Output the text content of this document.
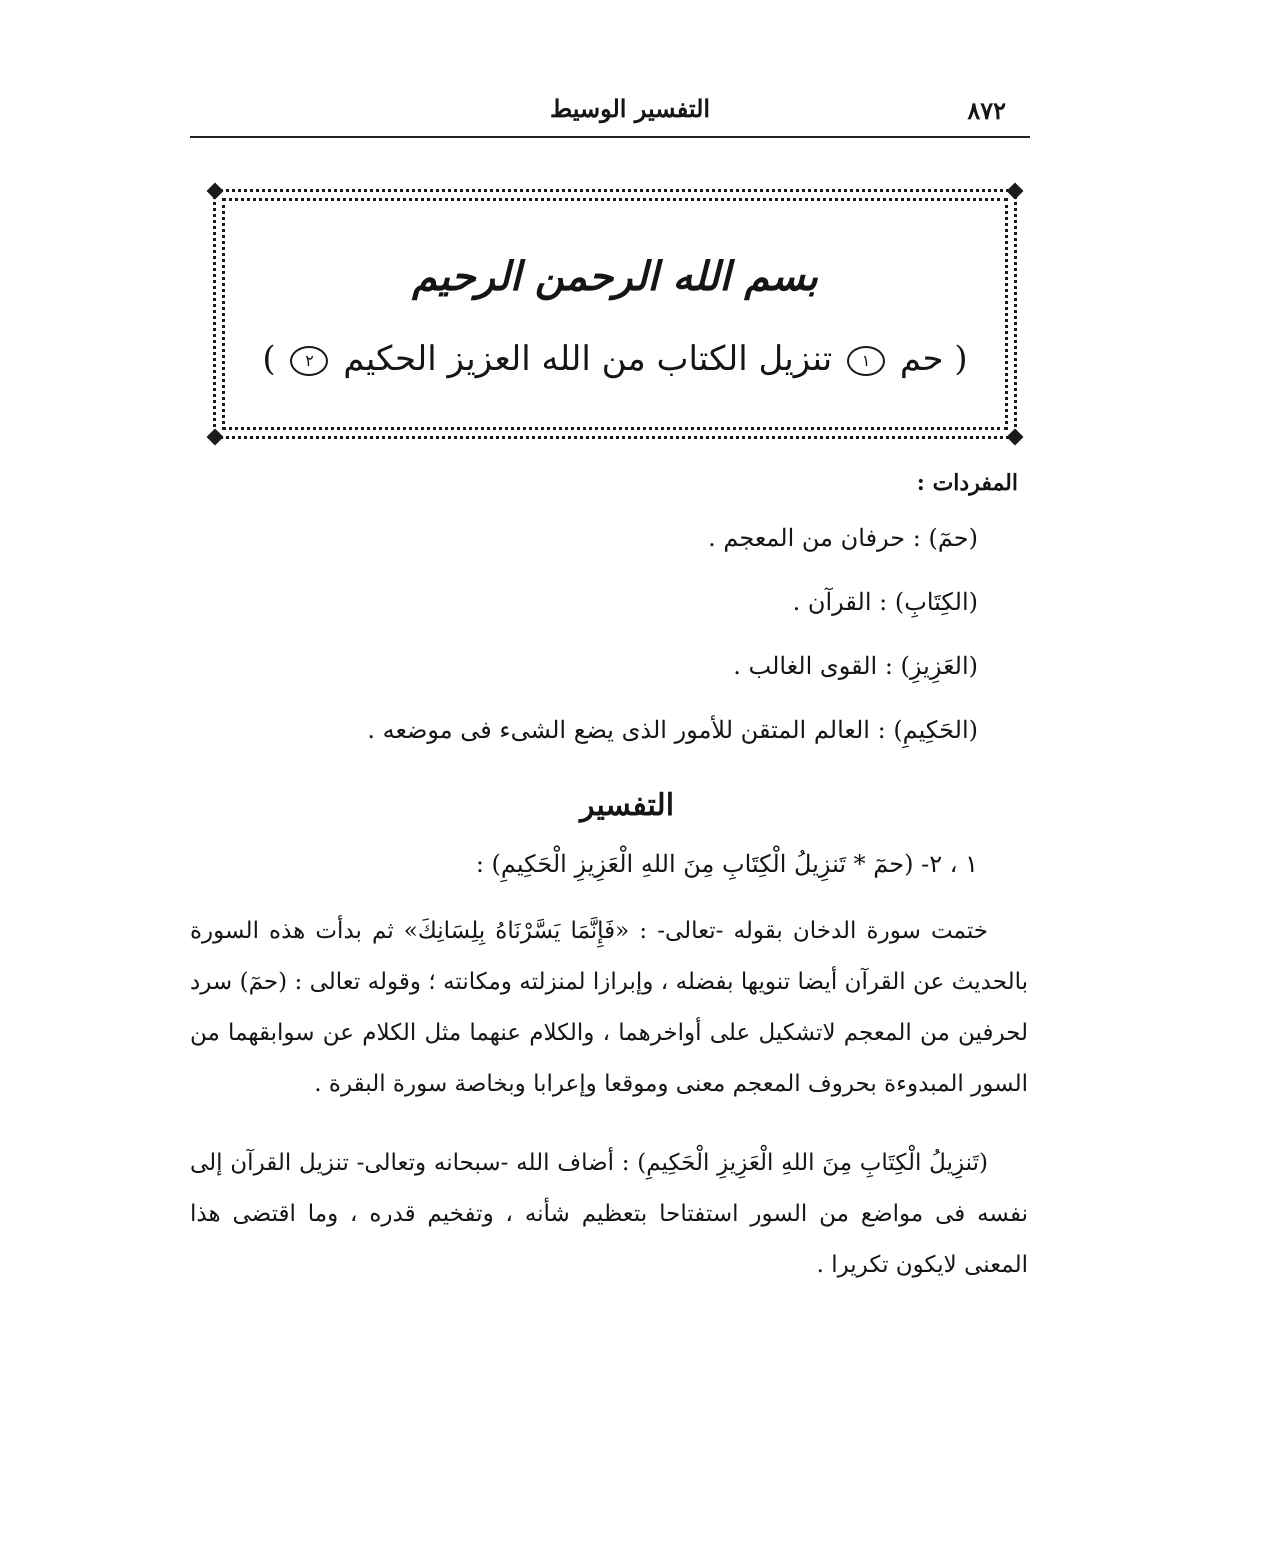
٨٧٢
التفسير الوسيط
بسم الله الرحمن الرحيم
( حم ١ تنزيل الكتاب من الله العزيز الحكيم ٢ )
المفردات :
(حمٓ) : حرفان من المعجم .
(الكِتَابِ) : القرآن .
(العَزِيزِ) : القوى الغالب .
(الحَكِيمِ) : العالم المتقن للأمور الذى يضع الشىء فى موضعه .
التفسير
١ ، ٢- (حمٓ * تَنزِيلُ الْكِتَابِ مِنَ اللهِ الْعَزِيزِ الْحَكِيمِ) :
ختمت سورة الدخان بقوله -تعالى- : «فَإِنَّمَا يَسَّرْنَاهُ بِلِسَانِكَ» ثم بدأت هذه السورة بالحديث عن القرآن أيضا تنويها بفضله ، وإبرازا لمنزلته ومكانته ؛ وقوله تعالى : (حمٓ) سرد لحرفين من المعجم لاتشكيل على أواخرهما ، والكلام عنهما مثل الكلام عن سوابقهما من السور المبدوءة بحروف المعجم معنى وموقعا وإعرابا وبخاصة سورة البقرة .
(تَنزِيلُ الْكِتَابِ مِنَ اللهِ الْعَزِيزِ الْحَكِيمِ) : أضاف الله -سبحانه وتعالى- تنزيل القرآن إلى نفسه فى مواضع من السور استفتاحا بتعظيم شأنه ، وتفخيم قدره ، وما اقتضى هذا المعنى لايكون تكريرا .
